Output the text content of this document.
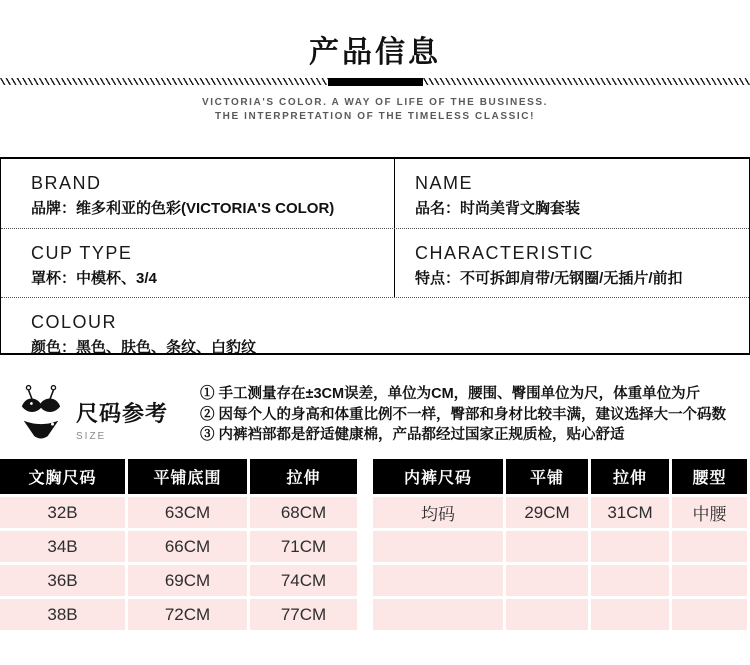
产品信息
VICTORIA'S COLOR. A WAY OF LIFE OF THE BUSINESS.
THE INTERPRETATION OF THE TIMELESS CLASSIC!
BRAND
品牌：维多利亚的色彩(VICTORIA'S COLOR)
NAME
品名：时尚美背文胸套装
CUP TYPE
罩杯：中模杯、3/4
CHARACTERISTIC
特点：不可拆卸肩带/无钢圈/无插片/前扣
COLOUR
颜色：黑色、肤色、条纹、白豹纹
尺码参考
SIZE
① 手工测量存在±3CM误差，单位为CM，腰围、臀围单位为尺，体重单位为斤
② 因每个人的身高和体重比例不一样，臀部和身材比较丰满，建议选择大一个码数
③ 内裤裆部都是舒适健康棉，产品都经过国家正规质检，贴心舒适
文胸尺码	平铺底围	拉伸
32B	63CM	68CM
34B	66CM	71CM
36B	69CM	74CM
38B	72CM	77CM
内裤尺码	平铺	拉伸	腰型
均码	29CM	31CM	中腰
